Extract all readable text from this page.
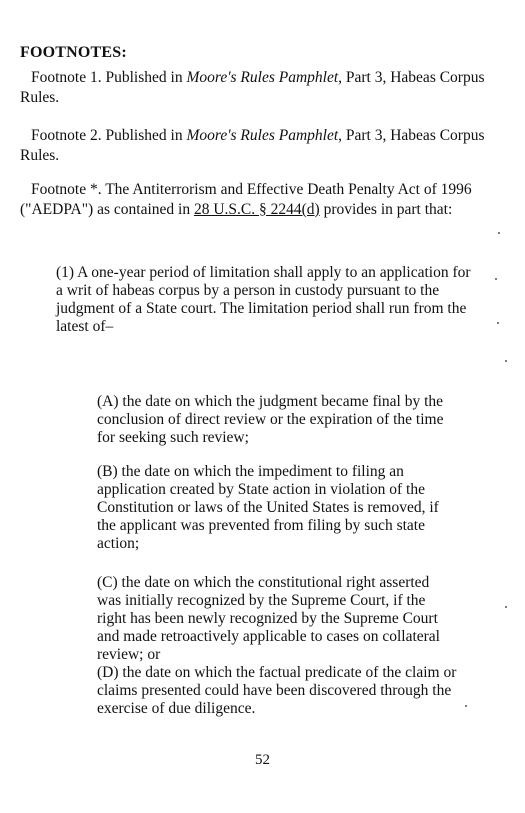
FOOTNOTES:
Footnote 1. Published in Moore's Rules Pamphlet, Part 3, Habeas Corpus Rules.
Footnote 2. Published in Moore's Rules Pamphlet, Part 3, Habeas Corpus Rules.
Footnote *. The Antiterrorism and Effective Death Penalty Act of 1996 ("AEDPA") as contained in 28 U.S.C. § 2244(d) provides in part that:
(1) A one-year period of limitation shall apply to an application for a writ of habeas corpus by a person in custody pursuant to the judgment of a State court. The limitation period shall run from the latest of–
(A) the date on which the judgment became final by the conclusion of direct review or the expiration of the time for seeking such review;
(B) the date on which the impediment to filing an application created by State action in violation of the Constitution or laws of the United States is removed, if the applicant was prevented from filing by such state action;
(C) the date on which the constitutional right asserted was initially recognized by the Supreme Court, if the right has been newly recognized by the Supreme Court and made retroactively applicable to cases on collateral review; or
(D) the date on which the factual predicate of the claim or claims presented could have been discovered through the exercise of due diligence.
52
